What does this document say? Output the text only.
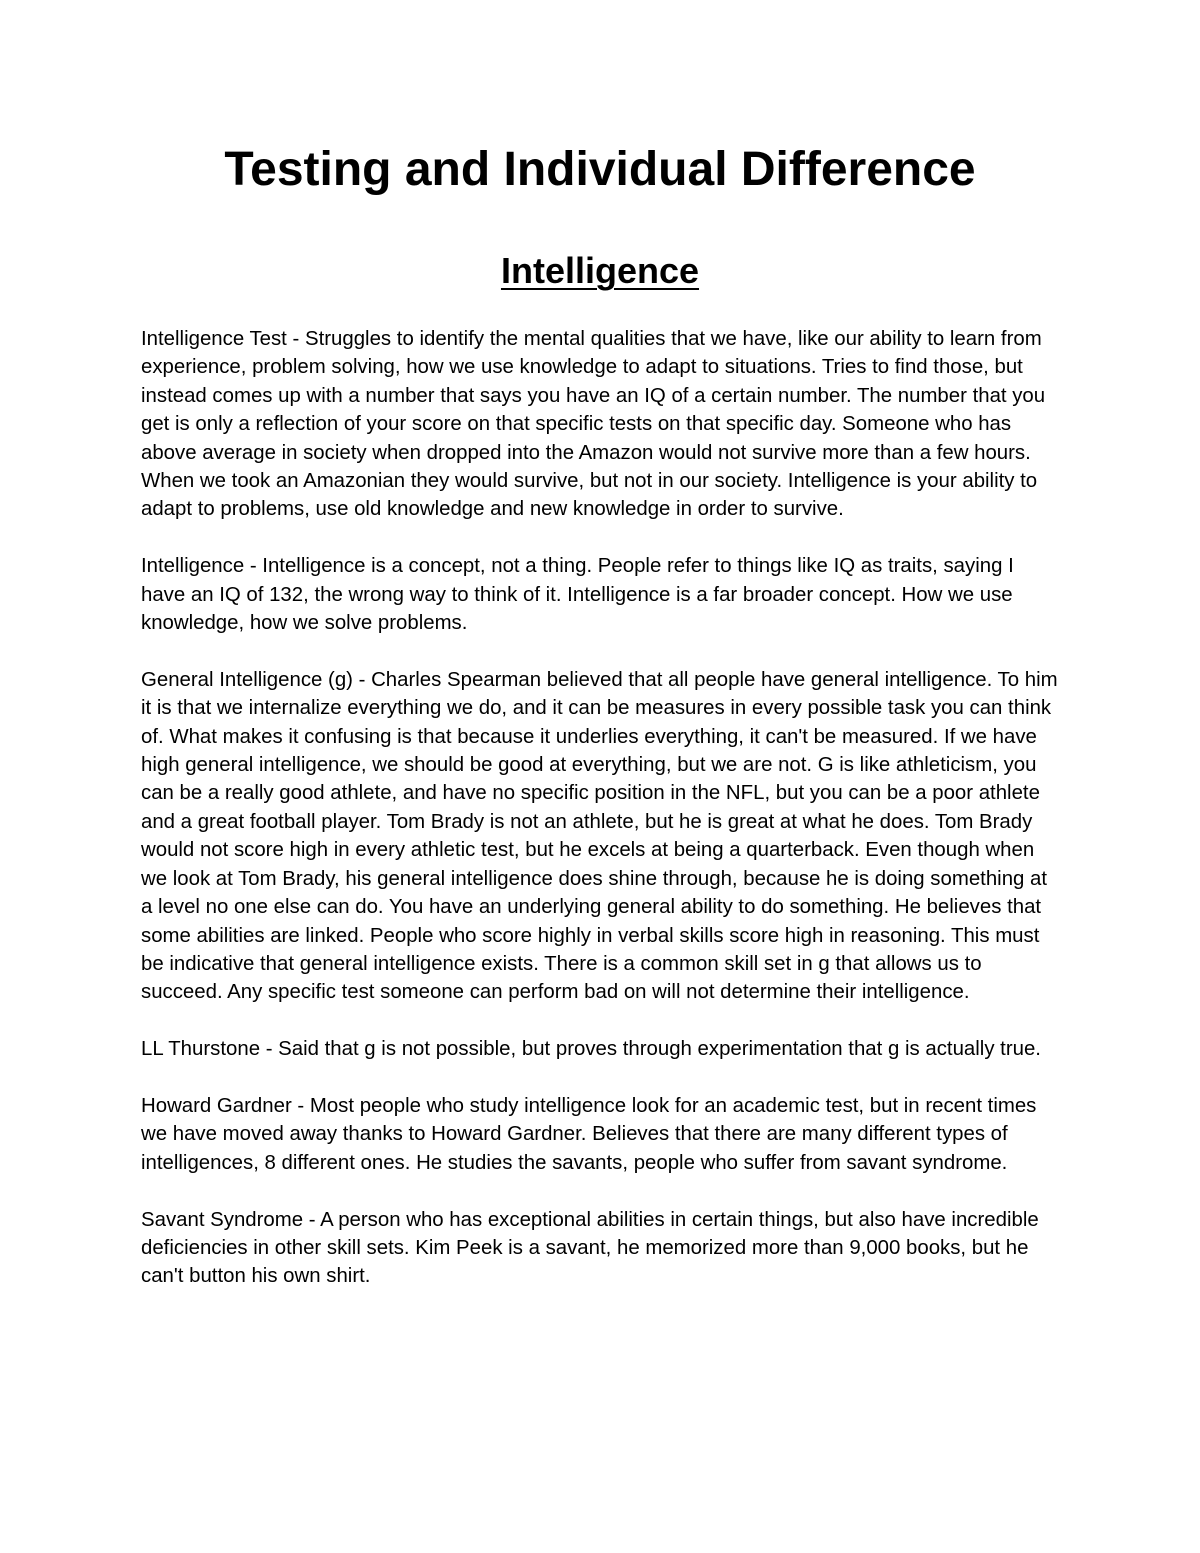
Testing and Individual Difference
Intelligence

Intelligence Test - Struggles to identify the mental qualities that we have, like our ability to learn from experience, problem solving, how we use knowledge to adapt to situations. Tries to find those, but instead comes up with a number that says you have an IQ of a certain number. The number that you get is only a reflection of your score on that specific tests on that specific day. Someone who has above average in society when dropped into the Amazon would not survive more than a few hours. When we took an Amazonian they would survive, but not in our society. Intelligence is your ability to adapt to problems, use old knowledge and new knowledge in order to survive.

Intelligence - Intelligence is a concept, not a thing. People refer to things like IQ as traits, saying I have an IQ of 132, the wrong way to think of it. Intelligence is a far broader concept. How we use knowledge, how we solve problems.

General Intelligence (g) - Charles Spearman believed that all people have general intelligence. To him it is that we internalize everything we do, and it can be measures in every possible task you can think of. What makes it confusing is that because it underlies everything, it can't be measured. If we have high general intelligence, we should be good at everything, but we are not. G is like athleticism, you can be a really good athlete, and have no specific position in the NFL, but you can be a poor athlete and a great football player. Tom Brady is not an athlete, but he is great at what he does. Tom Brady would not score high in every athletic test, but he excels at being a quarterback. Even though when we look at Tom Brady, his general intelligence does shine through, because he is doing something at a level no one else can do. You have an underlying general ability to do something. He believes that some abilities are linked. People who score highly in verbal skills score high in reasoning. This must be indicative that general intelligence exists. There is a common skill set in g that allows us to succeed. Any specific test someone can perform bad on will not determine their intelligence.

LL Thurstone - Said that g is not possible, but proves through experimentation that g is actually true.

Howard Gardner - Most people who study intelligence look for an academic test, but in recent times we have moved away thanks to Howard Gardner. Believes that there are many different types of intelligences, 8 different ones. He studies the savants, people who suffer from savant syndrome.

Savant Syndrome - A person who has exceptional abilities in certain things, but also have incredible deficiencies in other skill sets. Kim Peek is a savant, he memorized more than 9,000 books, but he can't button his own shirt.
